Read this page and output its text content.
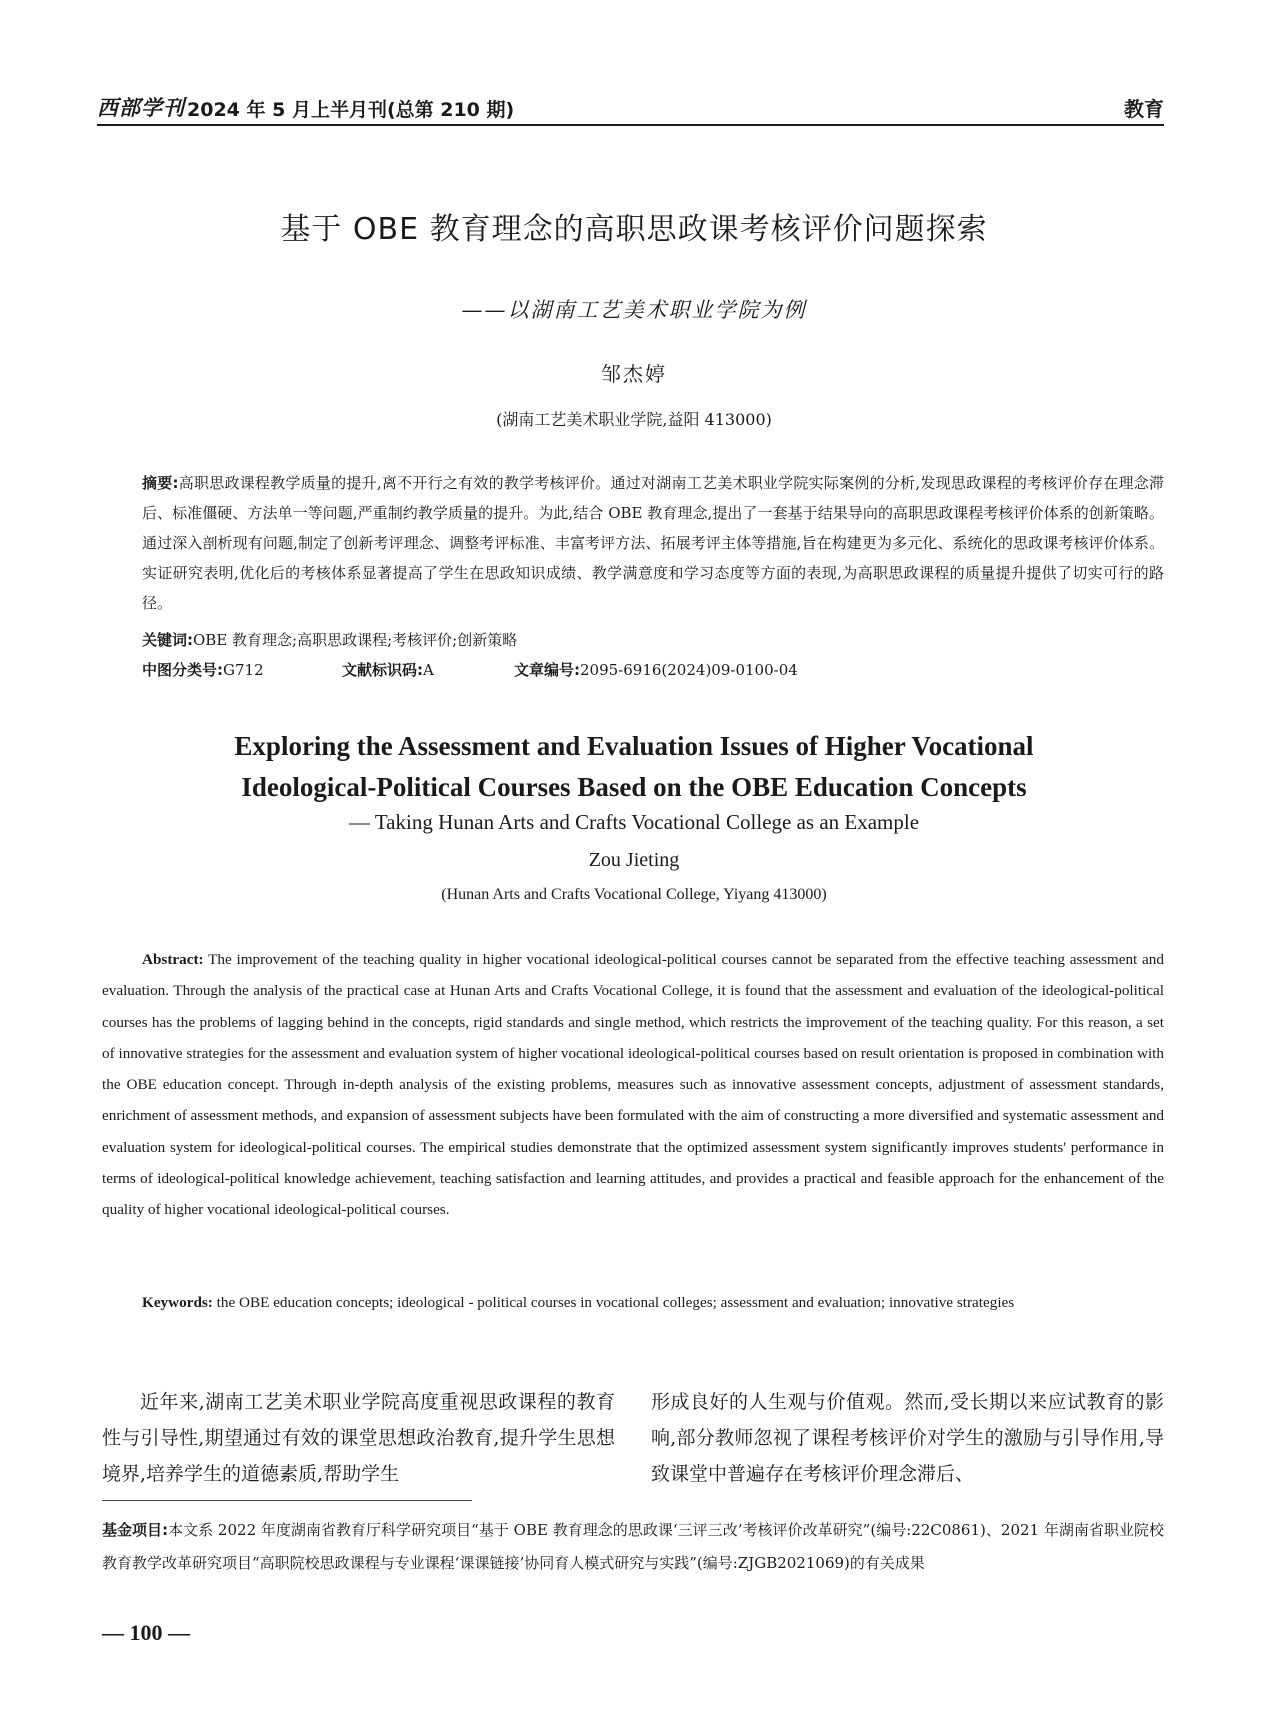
西部学刊 2024 年 5 月上半月刊(总第 210 期)	教育
基于 OBE 教育理念的高职思政课考核评价问题探索
——以湖南工艺美术职业学院为例
邹杰婷
(湖南工艺美术职业学院,益阳 413000)
摘要:高职思政课程教学质量的提升,离不开行之有效的教学考核评价。通过对湖南工艺美术职业学院实际案例的分析,发现思政课程的考核评价存在理念滞后、标准僵硬、方法单一等问题,严重制约教学质量的提升。为此,结合 OBE 教育理念,提出了一套基于结果导向的高职思政课程考核评价体系的创新策略。通过深入剖析现有问题,制定了创新考评理念、调整考评标准、丰富考评方法、拓展考评主体等措施,旨在构建更为多元化、系统化的思政课考核评价体系。实证研究表明,优化后的考核体系显著提高了学生在思政知识成绩、教学满意度和学习态度等方面的表现,为高职思政课程的质量提升提供了切实可行的路径。
关键词:OBE 教育理念;高职思政课程;考核评价;创新策略
中图分类号:G712	文献标识码:A	文章编号:2095-6916(2024)09-0100-04
Exploring the Assessment and Evaluation Issues of Higher Vocational
Ideological-Political Courses Based on the OBE Education Concepts
— Taking Hunan Arts and Crafts Vocational College as an Example
Zou Jieting
(Hunan Arts and Crafts Vocational College, Yiyang 413000)
Abstract: The improvement of the teaching quality in higher vocational ideological-political courses cannot be separated from the effective teaching assessment and evaluation. Through the analysis of the practical case at Hunan Arts and Crafts Vocational College, it is found that the assessment and evaluation of the ideological-political courses has the problems of lagging behind in the concepts, rigid standards and single method, which restricts the improvement of the teaching quality. For this reason, a set of innovative strategies for the assessment and evaluation system of higher vocational ideological-political courses based on result orientation is proposed in combination with the OBE education concept. Through in-depth analysis of the existing problems, measures such as innovative assessment concepts, adjustment of assessment standards, enrichment of assessment methods, and expansion of assessment subjects have been formulated with the aim of constructing a more diversified and systematic assessment and evaluation system for ideological-political courses. The empirical studies demonstrate that the optimized assessment system significantly improves students' performance in terms of ideological-political knowledge achievement, teaching satisfaction and learning attitudes, and provides a practical and feasible approach for the enhancement of the quality of higher vocational ideological-political courses.
Keywords: the OBE education concepts; ideological - political courses in vocational colleges; assessment and evaluation; innovative strategies

近年来,湖南工艺美术职业学院高度重视思政课程的教育性与引导性,期望通过有效的课堂思想政治教育,提升学生思想境界,培养学生的道德素质,帮助学生

形成良好的人生观与价值观。然而,受长期以来应试教育的影响,部分教师忽视了课程考核评价对学生的激励与引导作用,导致课堂中普遍存在考核评价理念滞后、

基金项目:本文系 2022 年度湖南省教育厅科学研究项目“基于 OBE 教育理念的思政课‘三评三改’考核评价改革研究”(编号:22C0861)、2021 年湖南省职业院校教育教学改革研究项目“高职院校思政课程与专业课程‘课课链接’协同育人模式研究与实践”(编号:ZJGB2021069)的有关成果
— 100 —
